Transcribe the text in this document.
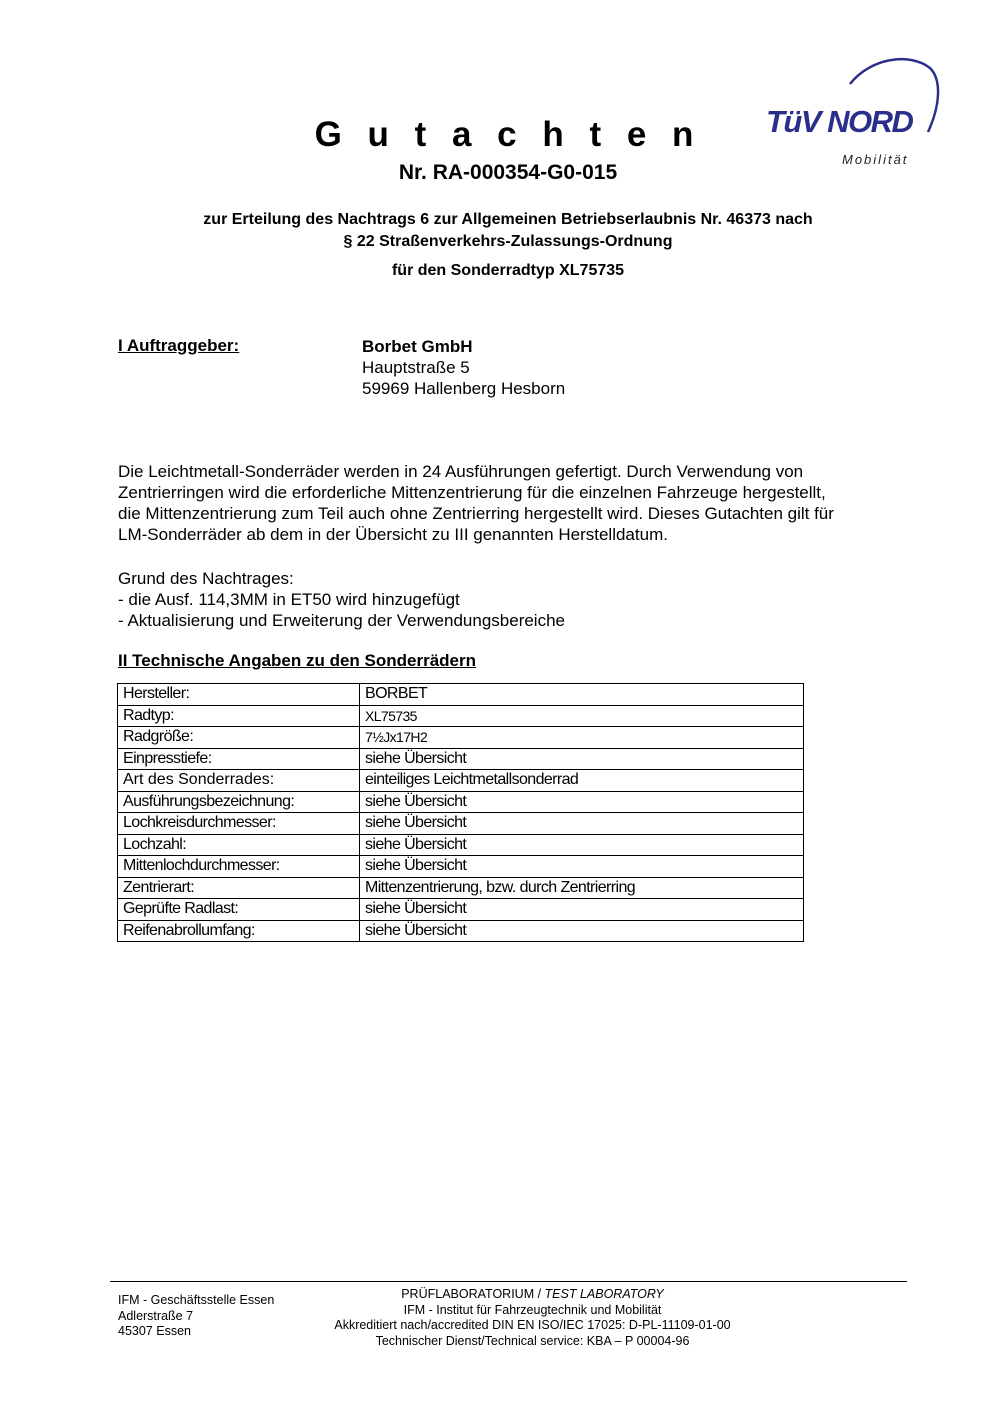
TüV NORD
Mobilität
G u t a c h t e n
Nr. RA-000354-G0-015
zur Erteilung des Nachtrags 6 zur Allgemeinen Betriebserlaubnis Nr. 46373 nach
§ 22 Straßenverkehrs-Zulassungs-Ordnung
für den Sonderradtyp XL75735
I Auftraggeber:	Borbet GmbH
Hauptstraße 5
59969 Hallenberg Hesborn
Die Leichtmetall-Sonderräder werden in 24 Ausführungen gefertigt. Durch Verwendung von
Zentrierringen wird die erforderliche Mittenzentrierung für die einzelnen Fahrzeuge hergestellt,
die Mittenzentrierung zum Teil auch ohne Zentrierring hergestellt wird. Dieses Gutachten gilt für
LM-Sonderräder ab dem in der Übersicht zu III genannten Herstelldatum.
Grund des Nachtrages:
- die Ausf. 114,3MM in ET50 wird hinzugefügt
- Aktualisierung und Erweiterung der Verwendungsbereiche
II Technische Angaben zu den Sonderrädern
Hersteller:	BORBET
Radtyp:	XL75735
Radgröße:	7½Jx17H2
Einpresstiefe:	siehe Übersicht
Art des Sonderrades:	einteiliges Leichtmetallsonderrad
Ausführungsbezeichnung:	siehe Übersicht
Lochkreisdurchmesser:	siehe Übersicht
Lochzahl:	siehe Übersicht
Mittenlochdurchmesser:	siehe Übersicht
Zentrierart:	Mittenzentrierung, bzw. durch Zentrierring
Geprüfte Radlast:	siehe Übersicht
Reifenabrollumfang:	siehe Übersicht
IFM - Geschäftsstelle Essen
Adlerstraße 7
45307 Essen
PRÜFLABORATORIUM / TEST LABORATORY
IFM - Institut für Fahrzeugtechnik und Mobilität
Akkreditiert nach/accredited DIN EN ISO/IEC 17025: D-PL-11109-01-00
Technischer Dienst/Technical service: KBA – P 00004-96
